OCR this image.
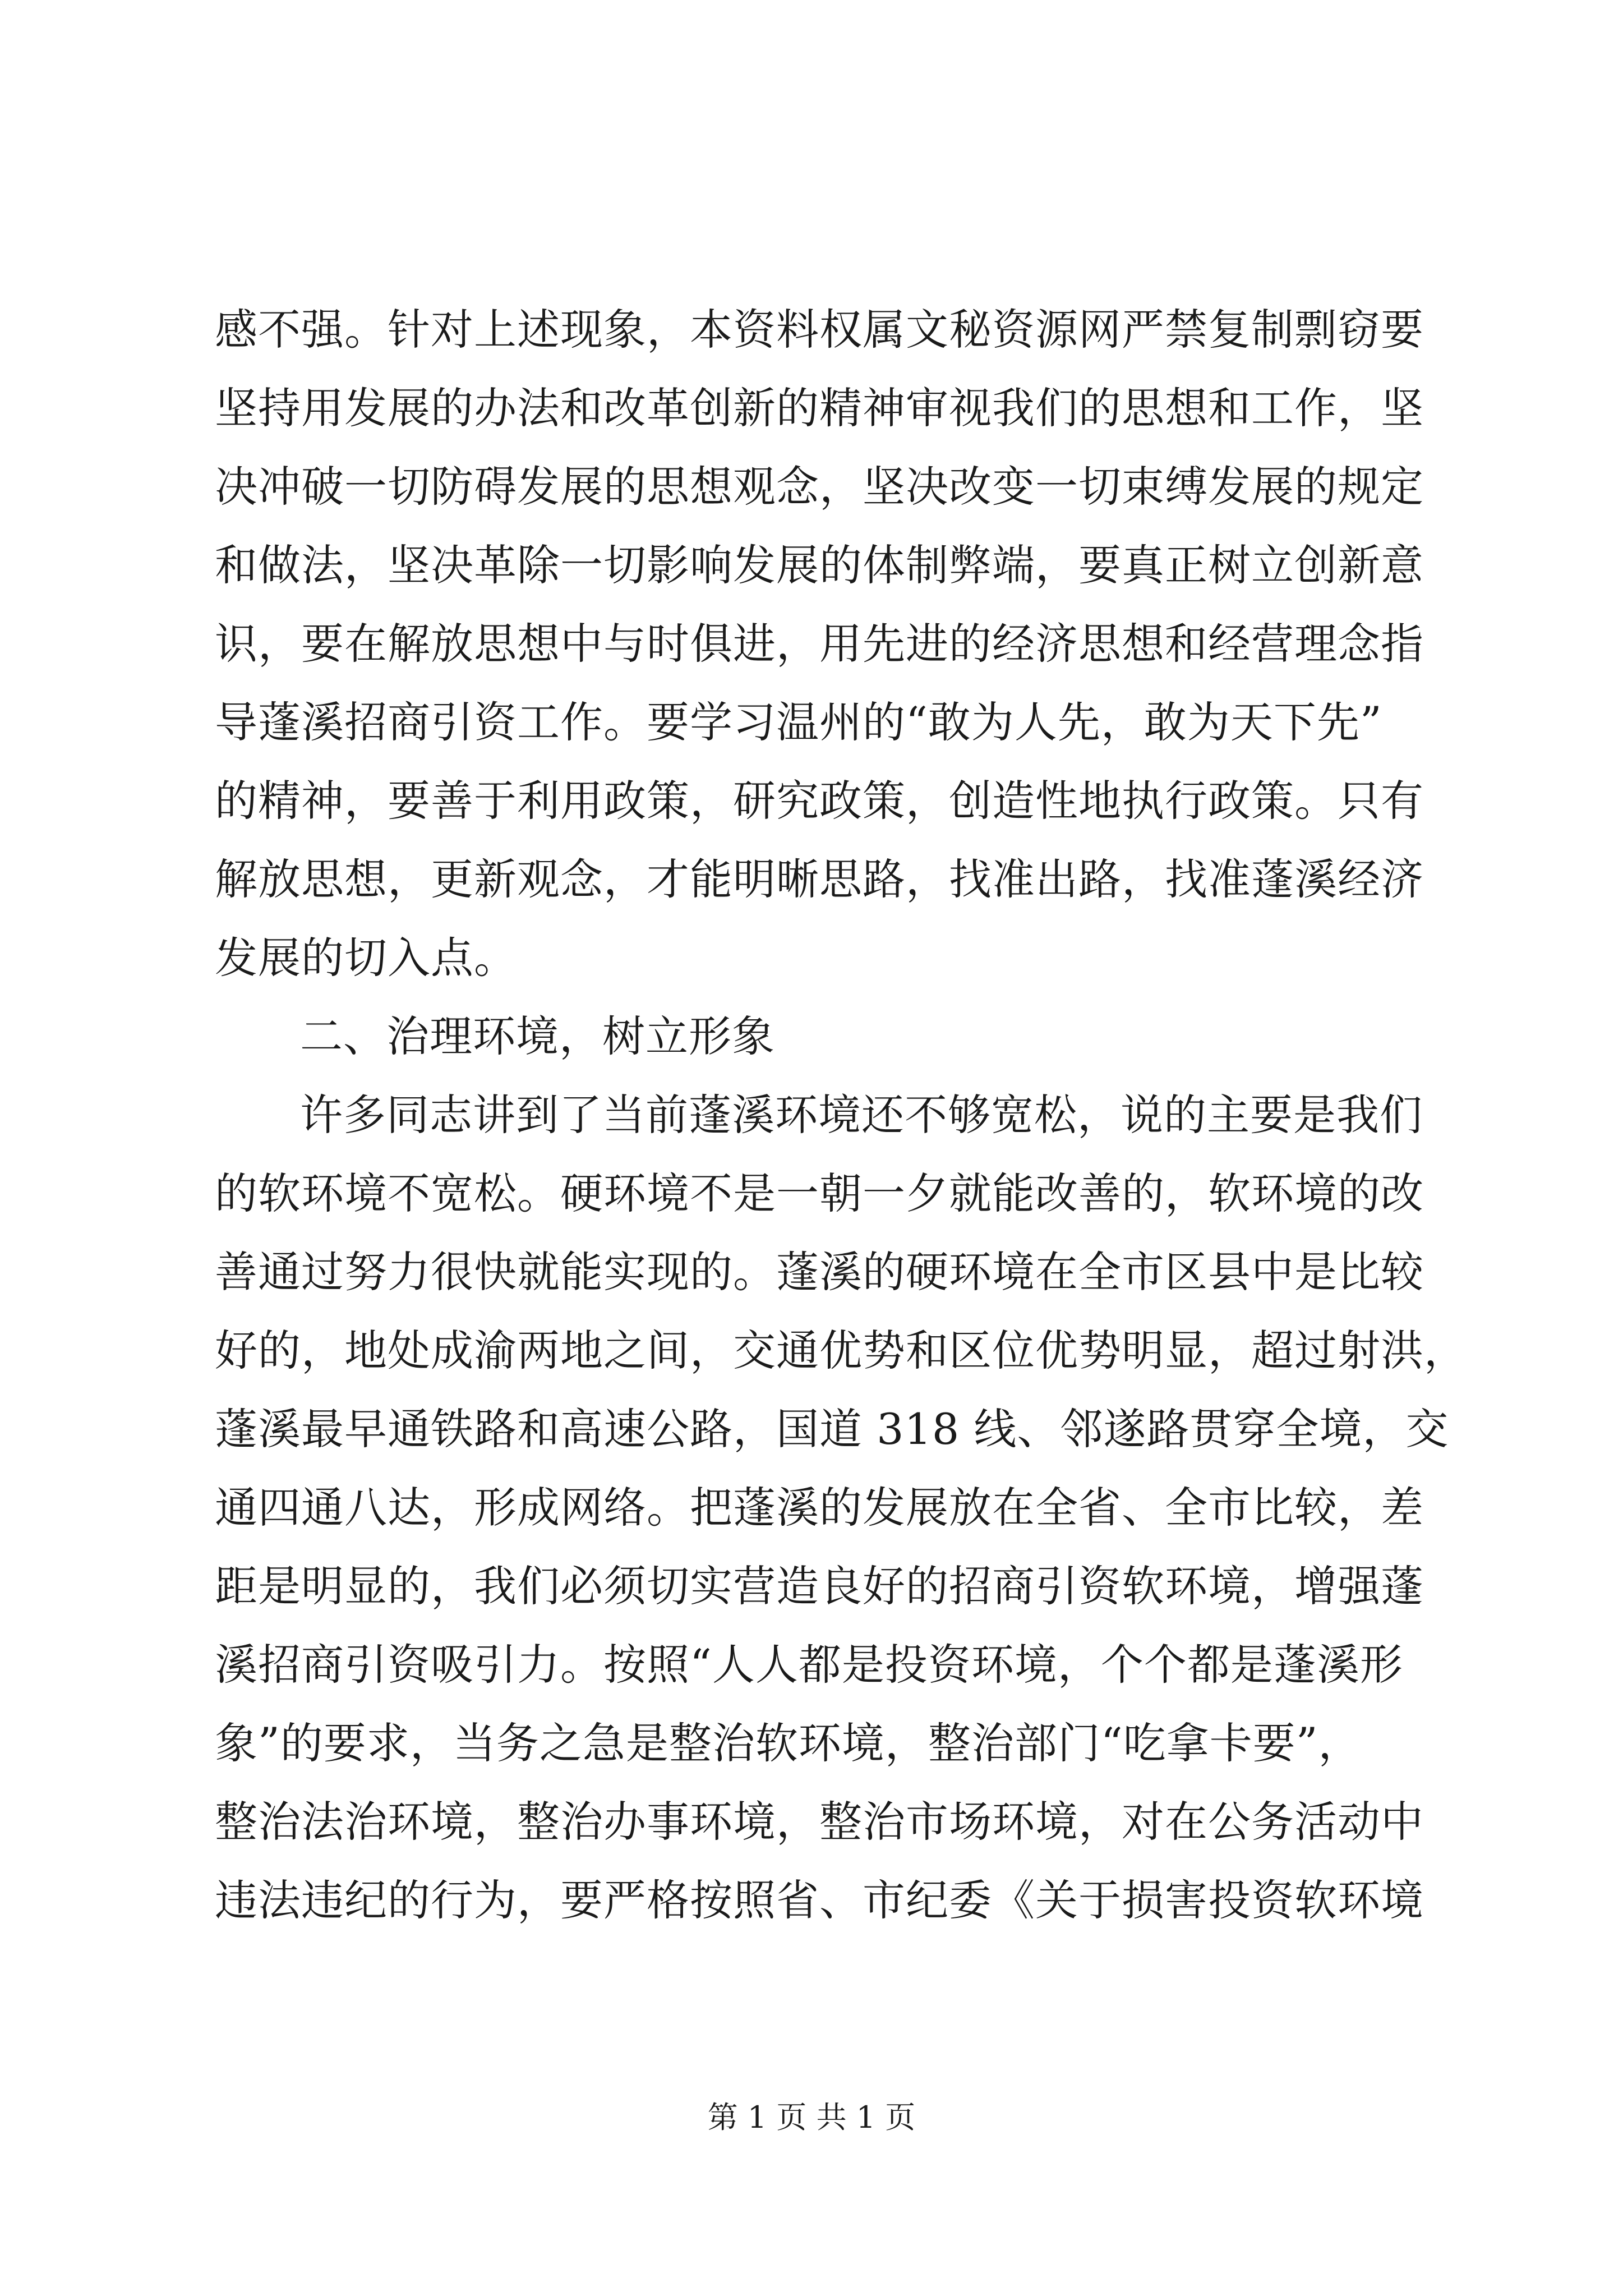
感不强。针对上述现象，本资料权属文秘资源网严禁复制剽窃要
坚持用发展的办法和改革创新的精神审视我们的思想和工作，坚
决冲破一切防碍发展的思想观念，坚决改变一切束缚发展的规定
和做法，坚决革除一切影响发展的体制弊端，要真正树立创新意
识，要在解放思想中与时俱进，用先进的经济思想和经营理念指
导蓬溪招商引资工作。要学习温州的“敢为人先，敢为天下先”
的精神，要善于利用政策，研究政策，创造性地执行政策。只有
解放思想，更新观念，才能明晰思路，找准出路，找准蓬溪经济
发展的切入点。
二、治理环境，树立形象
许多同志讲到了当前蓬溪环境还不够宽松，说的主要是我们
的软环境不宽松。硬环境不是一朝一夕就能改善的，软环境的改
善通过努力很快就能实现的。蓬溪的硬环境在全市区县中是比较
好的，地处成渝两地之间，交通优势和区位优势明显，超过射洪，
蓬溪最早通铁路和高速公路，国道 318 线、邻遂路贯穿全境，交
通四通八达，形成网络。把蓬溪的发展放在全省、全市比较，差
距是明显的，我们必须切实营造良好的招商引资软环境，增强蓬
溪招商引资吸引力。按照“人人都是投资环境，个个都是蓬溪形
象”的要求，当务之急是整治软环境，整治部门“吃拿卡要”，
整治法治环境，整治办事环境，整治市场环境，对在公务活动中
违法违纪的行为，要严格按照省、市纪委《关于损害投资软环境
第 1 页 共 1 页
